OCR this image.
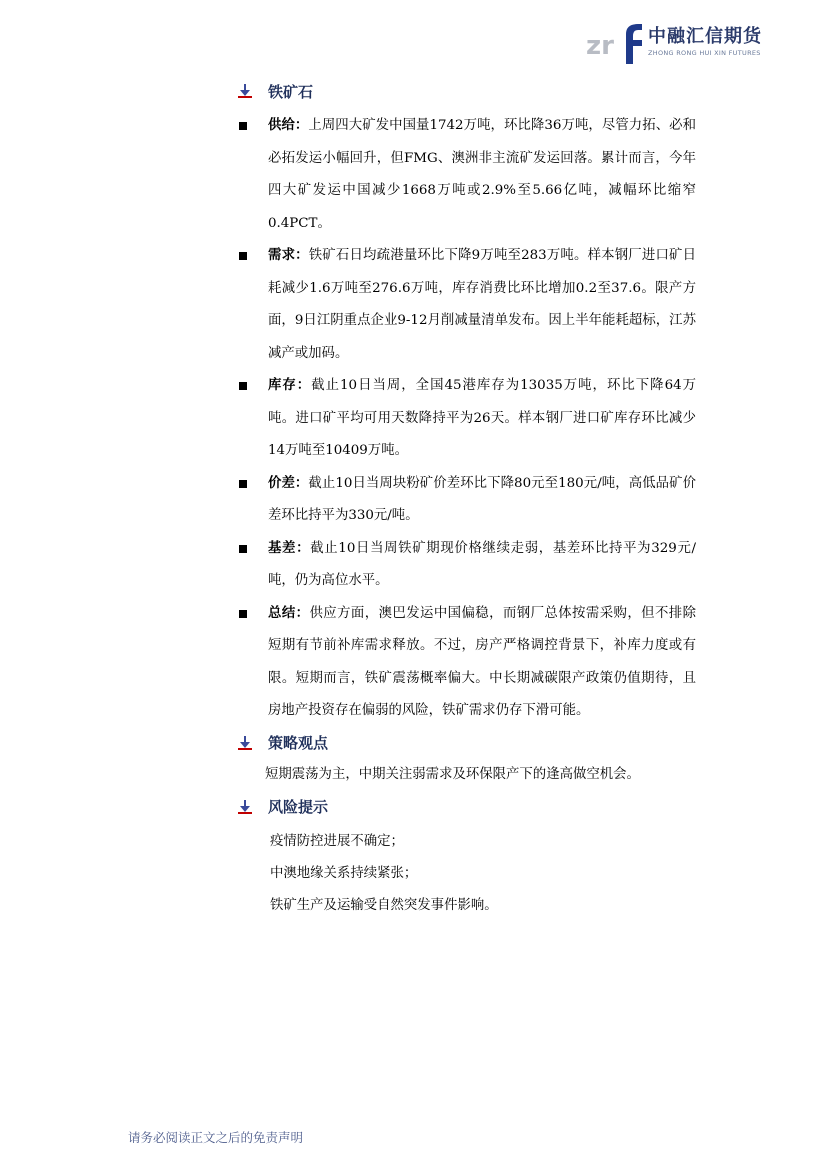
zr 中融汇信期货
ZHONG RONG HUI XIN FUTURES
铁矿石
供给：上周四大矿发中国量1742万吨，环比降36万吨，尽管力拓、必和必拓发运小幅回升，但FMG、澳洲非主流矿发运回落。累计而言，今年四大矿发运中国减少1668万吨或2.9%至5.66亿吨，减幅环比缩窄0.4PCT。
需求：铁矿石日均疏港量环比下降9万吨至283万吨。样本钢厂进口矿日耗减少1.6万吨至276.6万吨，库存消费比环比增加0.2至37.6。限产方面，9日江阴重点企业9-12月削减量清单发布。因上半年能耗超标，江苏减产或加码。
库存：截止10日当周，全国45港库存为13035万吨，环比下降64万吨。进口矿平均可用天数降持平为26天。样本钢厂进口矿库存环比减少14万吨至10409万吨。
价差：截止10日当周块粉矿价差环比下降80元至180元/吨，高低品矿价差环比持平为330元/吨。
基差：截止10日当周铁矿期现价格继续走弱，基差环比持平为329元/吨，仍为高位水平。
总结：供应方面，澳巴发运中国偏稳，而钢厂总体按需采购，但不排除短期有节前补库需求释放。不过，房产严格调控背景下，补库力度或有限。短期而言，铁矿震荡概率偏大。中长期减碳限产政策仍值期待，且房地产投资存在偏弱的风险，铁矿需求仍存下滑可能。
策略观点
短期震荡为主，中期关注弱需求及环保限产下的逢高做空机会。
风险提示
疫情防控进展不确定；
中澳地缘关系持续紧张；
铁矿生产及运输受自然突发事件影响。
请务必阅读正文之后的免责声明
